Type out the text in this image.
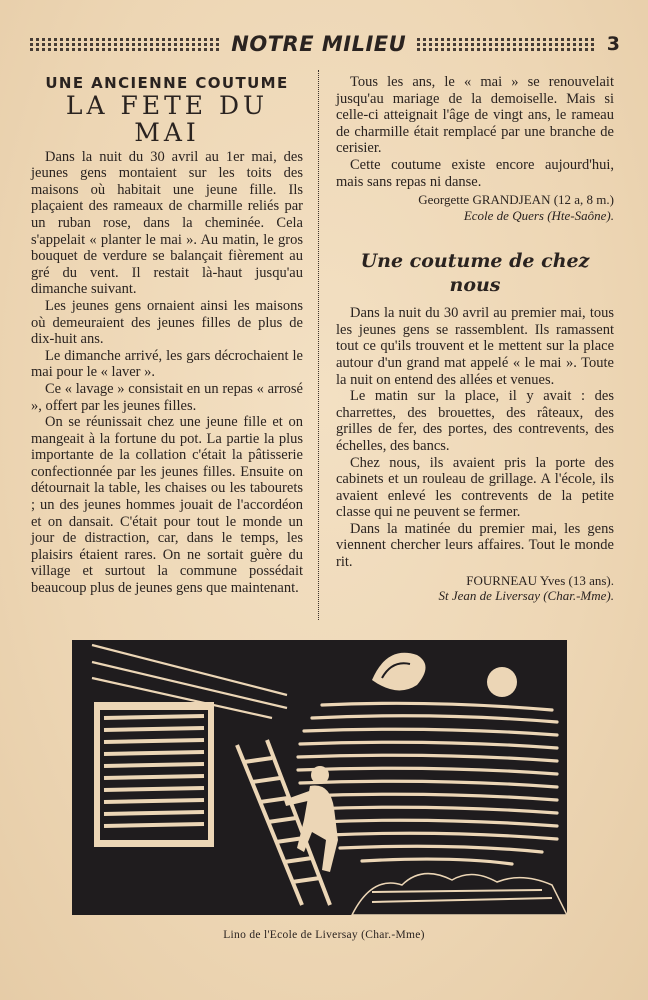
NOTRE MILIEU	3
UNE ANCIENNE COUTUME
LA FETE DU MAI

Dans la nuit du 30 avril au 1er mai, des jeunes gens montaient sur les toits des maisons où habitait une jeune fille. Ils plaçaient des rameaux de charmille reliés par un ruban rose, dans la cheminée. Cela s'appelait « planter le mai ». Au matin, le gros bouquet de verdure se balançait fièrement au gré du vent. Il restait là-haut jusqu'au dimanche suivant.

Les jeunes gens ornaient ainsi les maisons où demeuraient des jeunes filles de plus de dix-huit ans.

Le dimanche arrivé, les gars décrochaient le mai pour le « laver ».

Ce « lavage » consistait en un repas « arrosé », offert par les jeunes filles.

On se réunissait chez une jeune fille et on mangeait à la fortune du pot. La partie la plus importante de la collation c'était la pâtisserie confectionnée par les jeunes filles. Ensuite on détournait la table, les chaises ou les tabourets ; un des jeunes hommes jouait de l'accordéon et on dansait. C'était pour tout le monde un jour de distraction, car, dans le temps, les plaisirs étaient rares. On ne sortait guère du village et surtout la commune possédait beaucoup plus de jeunes gens que maintenant.

Tous les ans, le « mai » se renouvelait jusqu'au mariage de la demoiselle. Mais si celle-ci atteignait l'âge de vingt ans, le rameau de charmille était remplacé par une branche de cerisier.

Cette coutume existe encore aujourd'hui, mais sans repas ni danse.

Georgette GRANDJEAN (12 a, 8 m.)
Ecole de Quers (Hte-Saône).
Une coutume de chez nous

Dans la nuit du 30 avril au premier mai, tous les jeunes gens se rassemblent. Ils ramassent tout ce qu'ils trouvent et le mettent sur la place autour d'un grand mat appelé « le mai ». Toute la nuit on entend des allées et venues.

Le matin sur la place, il y avait : des charrettes, des brouettes, des râteaux, des grilles de fer, des portes, des contrevents, des échelles, des bancs.

Chez nous, ils avaient pris la porte des cabinets et un rouleau de grillage. A l'école, ils avaient enlevé les contrevents de la petite classe qui ne peuvent se fermer.

Dans la matinée du premier mai, les gens viennent chercher leurs affaires. Tout le monde rit.

FOURNEAU Yves (13 ans).
St Jean de Liversay (Char.-Mme).
Lino de l'Ecole de Liversay (Char.-Mme)
